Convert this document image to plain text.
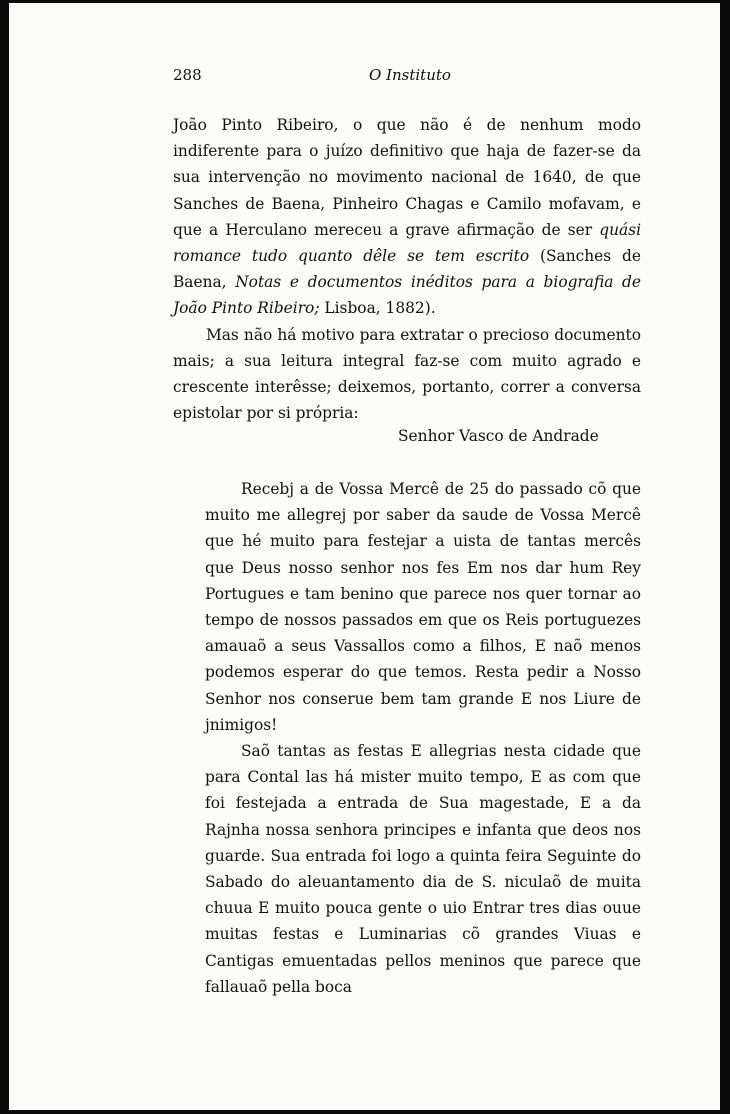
288	O Instituto

João Pinto Ribeiro, o que não é de nenhum modo indiferente para o juízo definitivo que haja de fazer-se da sua intervenção no movimento nacional de 1640, de que Sanches de Baena, Pinheiro Chagas e Camilo mofavam, e que a Herculano mereceu a grave afirmação de ser quási romance tudo quanto dêle se tem escrito (Sanches de Baena, Notas e documentos inéditos para a biografia de João Pinto Ribeiro; Lisboa, 1882).

Mas não há motivo para extratar o precioso documento mais; a sua leitura integral faz-se com muito agrado e crescente interêsse; deixemos, portanto, correr a conversa epistolar por si própria:

Senhor Vasco de Andrade

Recebj a de Vossa Mercê de 25 do passado cõ que muito me allegrej por saber da saude de Vossa Mercê que hé muito para festejar a uista de tantas mercês que Deus nosso senhor nos fes Em nos dar hum Rey Portugues e tam benino que parece nos quer tornar ao tempo de nossos passados em que os Reis portuguezes amauaõ a seus Vassallos como a filhos, E naõ menos podemos esperar do que temos. Resta pedir a Nosso Senhor nos conserue bem tam grande E nos Liure de jnimigos!

Saõ tantas as festas E allegrias nesta cidade que para Contal las há mister muito tempo, E as com que foi festejada a entrada de Sua magestade, E a da Rajnha nossa senhora principes e infanta que deos nos guarde. Sua entrada foi logo a quinta feira Seguinte do Sabado do aleuantamento dia de S. niculaõ de muita chuua E muito pouca gente o uio Entrar tres dias ouue muitas festas e Luminarias cõ grandes Viuas e Cantigas emuentadas pellos meninos que parece que fallauaõ pella boca
